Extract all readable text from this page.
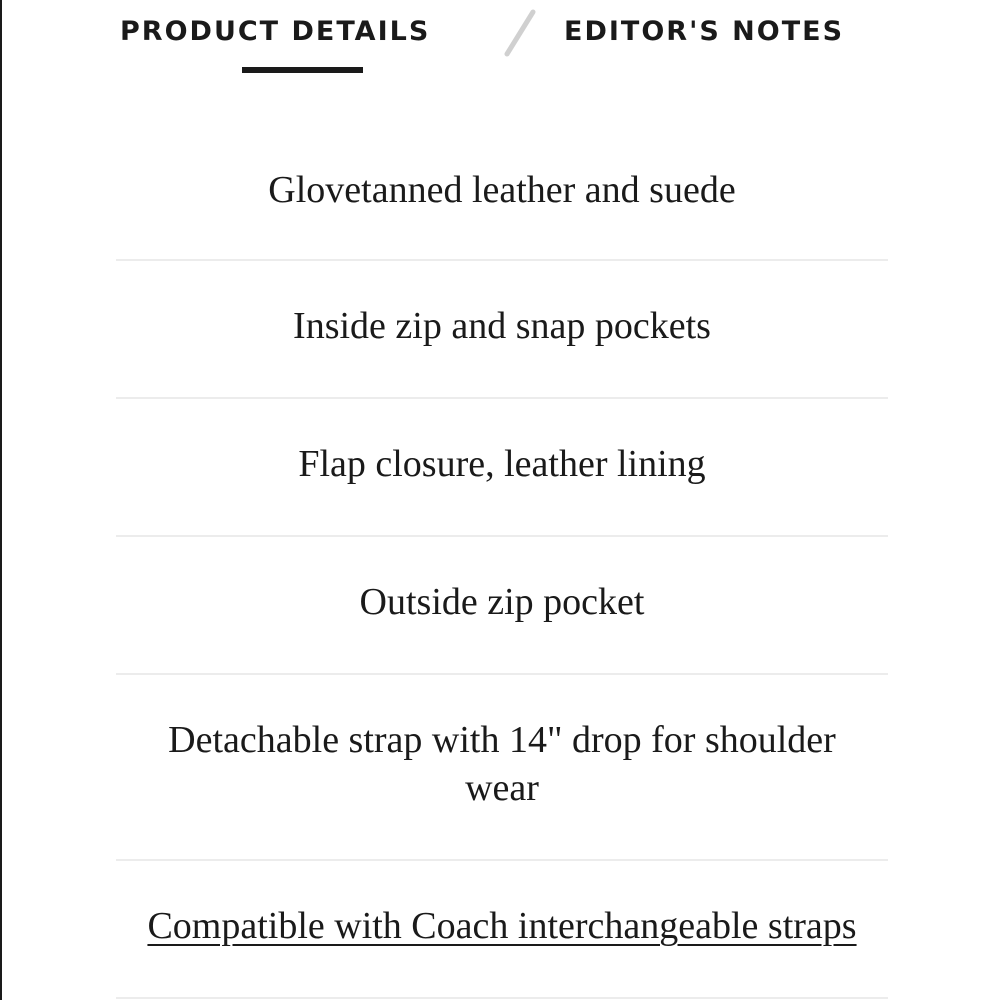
PRODUCT DETAILS	EDITOR'S NOTES
Glovetanned leather and suede
Inside zip and snap pockets
Flap closure, leather lining
Outside zip pocket
Detachable strap with 14" drop for shoulder wear
Compatible with Coach interchangeable straps
